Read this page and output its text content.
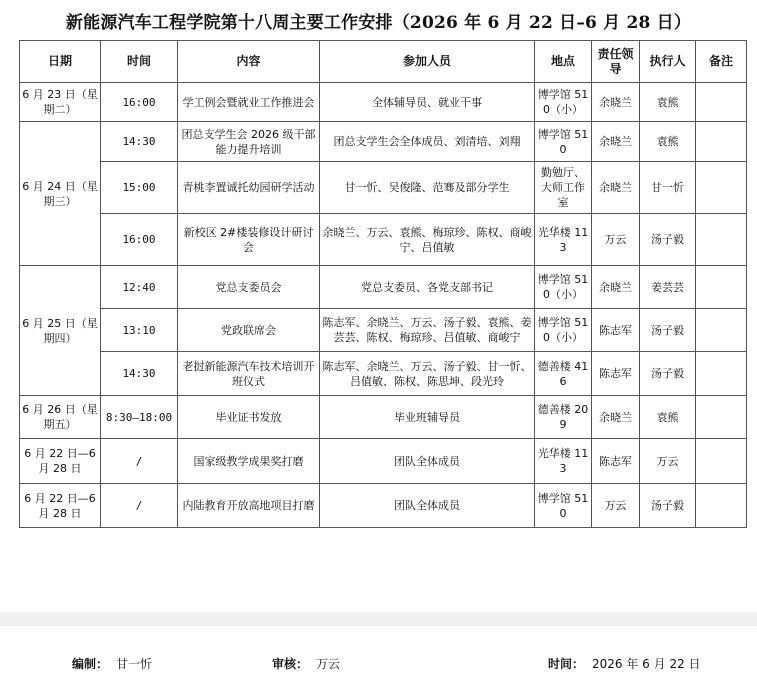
新能源汽车工程学院第十八周主要工作安排（2026 年 6 月 22 日–6 月 28 日）
日期	时间	内容	参加人员	地点	责任领导	执行人	备注
6 月 23 日（星期二）	16:00	学工例会暨就业工作推进会	全体辅导员、就业干事	博学馆 510（小）	余晓兰	袁熊	
6 月 24 日（星期三）	14:30	团总支学生会 2026 级干部能力提升培训	团总支学生会全体成员、刘清培、刘翔	博学馆 510	余晓兰	袁熊	
	15:00	青桃李置诚托幼园研学活动	甘一忻、吴俊隆、范骞及部分学生	勤勉厅、大师工作室	余晓兰	甘一忻	
	16:00	新校区 2#楼装修设计研讨会	余晓兰、万云、袁熊、梅琼珍、陈权、商峻宁、吕值敏	光华楼 113	万云	汤子毅	
6 月 25 日（星期四）	12:40	党总支委员会	党总支委员、各党支部书记	博学馆 510（小）	余晓兰	姜芸芸	
	13:10	党政联席会	陈志军、余晓兰、万云、汤子毅、袁熊、姜芸芸、陈权、梅琼珍、吕值敏、商峻宁	博学馆 510（小）	陈志军	汤子毅	
	14:30	老挝新能源汽车技术培训开班仪式	陈志军、余晓兰、万云、汤子毅、甘一忻、吕值敏、陈权、陈思坤、段光玲	德善楼 416	陈志军	汤子毅	
6 月 26 日（星期五）	8:30–18:00	毕业证书发放	毕业班辅导员	德善楼 209	余晓兰	袁熊	
6 月 22 日—6 月 28 日	/	国家级教学成果奖打磨	团队全体成员	光华楼 113	陈志军	万云	
6 月 22 日—6 月 28 日	/	内陆教育开放高地项目打磨	团队全体成员	博学馆 510	万云	汤子毅	
编制： 甘一忻	审核： 万云	时间： 2026 年 6 月 22 日
